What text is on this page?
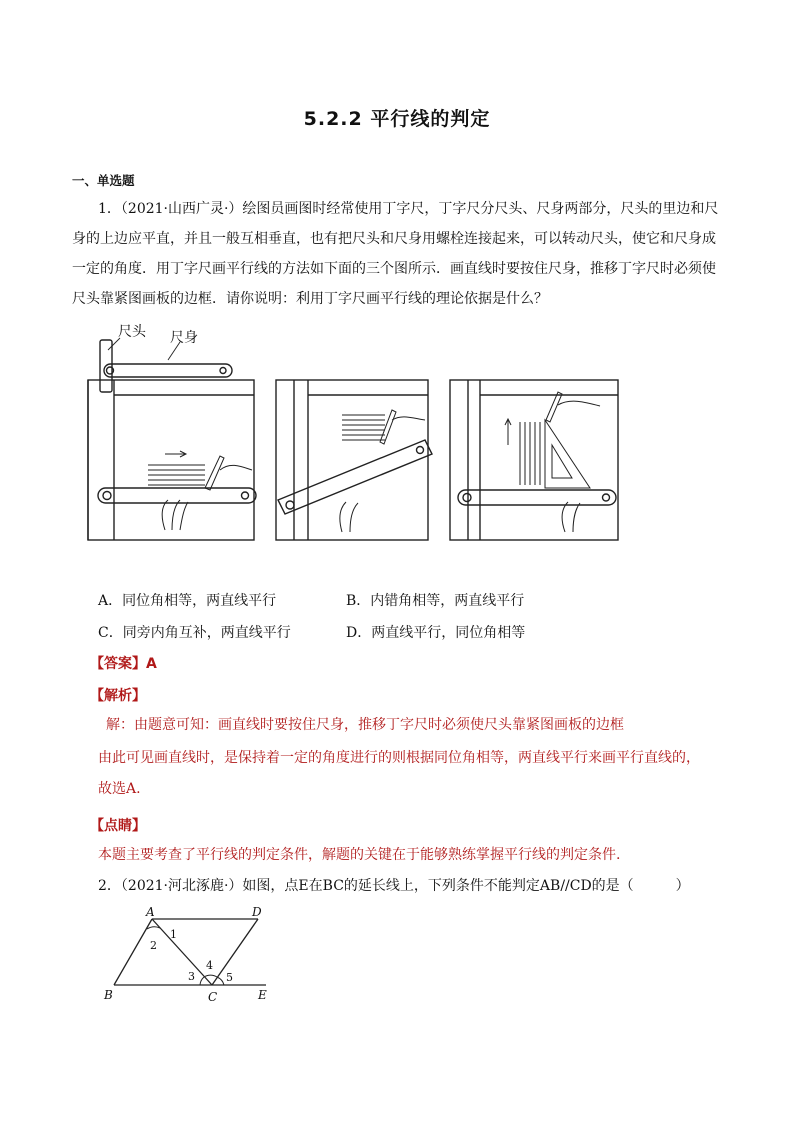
5.2.2 平行线的判定
一、单选题
1．（2021·山西广灵·）绘图员画图时经常使用丁字尺，丁字尺分尺头、尺身两部分，尺头的里边和尺身的上边应平直，并且一般互相垂直，也有把尺头和尺身用螺栓连接起来，可以转动尺头，使它和尺身成一定的角度．用丁字尺画平行线的方法如下面的三个图所示．画直线时要按住尺身，推移丁字尺时必须使尺头靠紧图画板的边框．请你说明：利用丁字尺画平行线的理论依据是什么？
尺头 尺身
A．同位角相等，两直线平行	B．内错角相等，两直线平行
C．同旁内角互补，两直线平行	D．两直线平行，同位角相等
【答案】A
【解析】
解：由题意可知：画直线时要按住尺身，推移丁字尺时必须使尺头靠紧图画板的边框
由此可见画直线时，是保持着一定的角度进行的则根据同位角相等，两直线平行来画平行直线的，
故选A.
【点睛】
本题主要考查了平行线的判定条件，解题的关键在于能够熟练掌握平行线的判定条件.
2．（2021·河北涿鹿·）如图，点E在BC的延长线上，下列条件不能判定AB//CD的是（　　　）
A	D
B	C	E
1
2
3
4
5
